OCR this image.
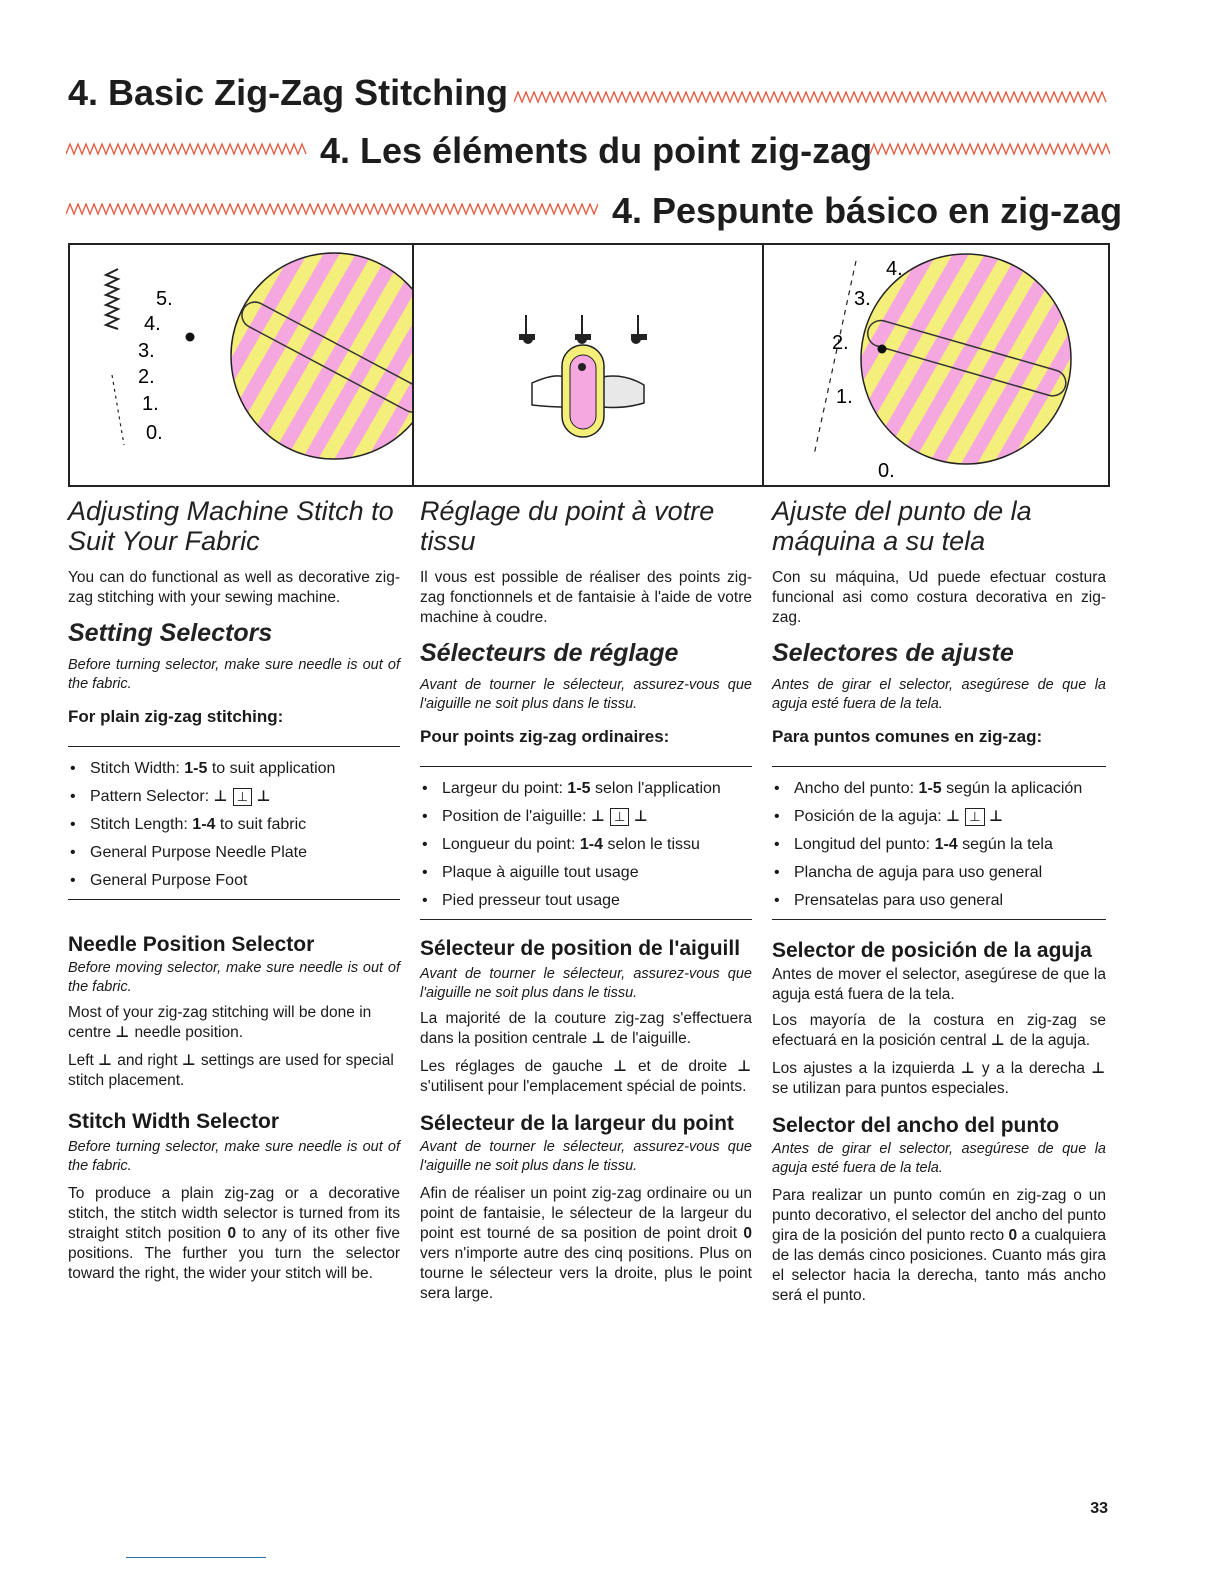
4. Basic Zig-Zag Stitching
4. Les éléments du point zig-zag
4. Pespunte básico en zig-zag
5.
4.
3.
2.
1.
0.
4.
3.
2.
1.
0.
Adjusting Machine Stitch to Suit Your Fabric

You can do functional as well as decorative zig-zag stitching with your sewing machine.

Setting Selectors

Before turning selector, make sure needle is out of the fabric.

For plain zig-zag stitching:

• Stitch Width: 1-5 to suit application
• Pattern Selector: ⊥ ⊥ ⊥
• Stitch Length: 1-4 to suit fabric
• General Purpose Needle Plate
• General Purpose Foot
Needle Position Selector

Before moving selector, make sure needle is out of the fabric.

Most of your zig-zag stitching will be done in centre ⊥ needle position.

Left ⊥ and right ⊥ settings are used for special stitch placement.

Stitch Width Selector

Before turning selector, make sure needle is out of the fabric.

To produce a plain zig-zag or a decorative stitch, the stitch width selector is turned from its straight stitch position 0 to any of its other five positions. The further you turn the selector toward the right, the wider your stitch will be.

Réglage du point à votre tissu

Il vous est possible de réaliser des points zig-zag fonctionnels et de fantaisie à l'aide de votre machine à coudre.

Sélecteurs de réglage

Avant de tourner le sélecteur, assurez-vous que l'aiguille ne soit plus dans le tissu.

Pour points zig-zag ordinaires:

• Largeur du point: 1-5 selon l'application
• Position de l'aiguille: ⊥ ⊥ ⊥
• Longueur du point: 1-4 selon le tissu
• Plaque à aiguille tout usage
• Pied presseur tout usage
Sélecteur de position de l'aiguill

Avant de tourner le sélecteur, assurez-vous que l'aiguille ne soit plus dans le tissu.

La majorité de la couture zig-zag s'effectuera dans la position centrale ⊥ de l'aiguille.

Les réglages de gauche ⊥ et de droite ⊥ s'utilisent pour l'emplacement spécial de points.

Sélecteur de la largeur du point

Avant de tourner le sélecteur, assurez-vous que l'aiguille ne soit plus dans le tissu.

Afin de réaliser un point zig-zag ordinaire ou un point de fantaisie, le sélecteur de la largeur du point est tourné de sa position de point droit 0 vers n'importe autre des cinq positions. Plus on tourne le sélecteur vers la droite, plus le point sera large.

Ajuste del punto de la máquina a su tela

Con su máquina, Ud puede efectuar costura funcional asi como costura decorativa en zig-zag.

Selectores de ajuste

Antes de girar el selector, asegúrese de que la aguja esté fuera de la tela.

Para puntos comunes en zig-zag:

• Ancho del punto: 1-5 según la aplicación
• Posición de la aguja: ⊥ ⊥ ⊥
• Longitud del punto: 1-4 según la tela
• Plancha de aguja para uso general
• Prensatelas para uso general
Selector de posición de la aguja

Antes de mover el selector, asegúrese de que la aguja está fuera de la tela.

Los mayoría de la costura en zig-zag se efectuará en la posición central ⊥ de la aguja.

Los ajustes a la izquierda ⊥ y a la derecha ⊥ se utilizan para puntos especiales.

Selector del ancho del punto

Antes de girar el selector, asegúrese de que la aguja esté fuera de la tela.

Para realizar un punto común en zig-zag o un punto decorativo, el selector del ancho del punto gira de la posición del punto recto 0 a cualquiera de las demás cinco posiciones. Cuanto más gira el selector hacia la derecha, tanto más ancho será el punto.

33
